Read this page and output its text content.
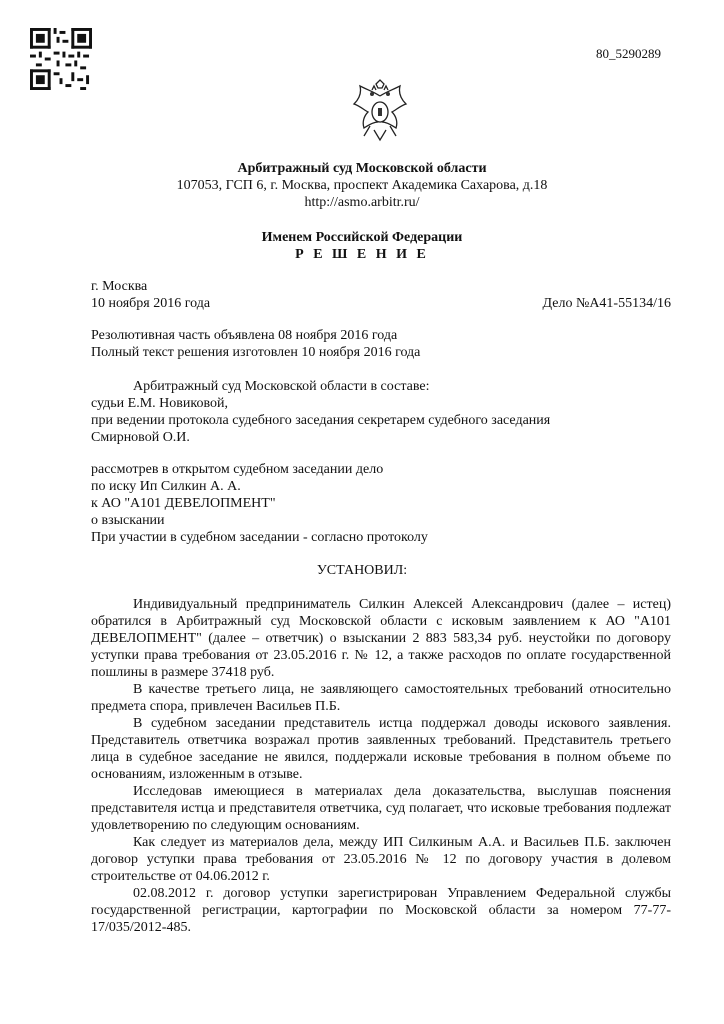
80_5290289
Арбитражный суд Московской области
107053, ГСП 6, г. Москва, проспект Академика Сахарова, д.18
http://asmo.arbitr.ru/
Именем Российской Федерации
Р Е Ш Е Н И Е
г. Москва
10 ноября 2016 года	Дело №А41-55134/16
Резолютивная часть объявлена 08 ноября 2016 года
Полный текст решения изготовлен 10 ноября 2016 года
Арбитражный суд Московской области в составе:
судьи Е.М. Новиковой,
при ведении протокола судебного заседания секретарем судебного заседания
Смирновой О.И.
рассмотрев в открытом судебном заседании дело
по иску Ип Силкин А. А.
к АО "А101 ДЕВЕЛОПМЕНТ"
о взыскании
При участии в судебном заседании - согласно протоколу
УСТАНОВИЛ:

Индивидуальный предприниматель Силкин Алексей Александрович (далее – истец) обратился в Арбитражный суд Московской области с исковым заявлением к АО "А101 ДЕВЕЛОПМЕНТ" (далее – ответчик) о взыскании 2 883 583,34 руб. неустойки по договору уступки права требования от 23.05.2016 г. № 12, а также расходов по оплате государственной пошлины в размере 37418 руб.

В качестве третьего лица, не заявляющего самостоятельных требований относительно предмета спора, привлечен Васильев П.Б.

В судебном заседании представитель истца поддержал доводы искового заявления. Представитель ответчика возражал против заявленных требований. Представитель третьего лица в судебное заседание не явился, поддержали исковые требования в полном объеме по основаниям, изложенным в отзыве.

Исследовав имеющиеся в материалах дела доказательства, выслушав пояснения представителя истца и представителя ответчика, суд полагает, что исковые требования подлежат удовлетворению по следующим основаниям.

Как следует из материалов дела, между ИП Силкиным А.А. и Васильев П.Б. заключен договор уступки права требования от 23.05.2016 № 12 по договору участия в долевом строительстве от 04.06.2012 г.

02.08.2012 г. договор уступки зарегистрирован Управлением Федеральной службы государственной регистрации, картографии по Московской области за номером 77-77-17/035/2012-485.
